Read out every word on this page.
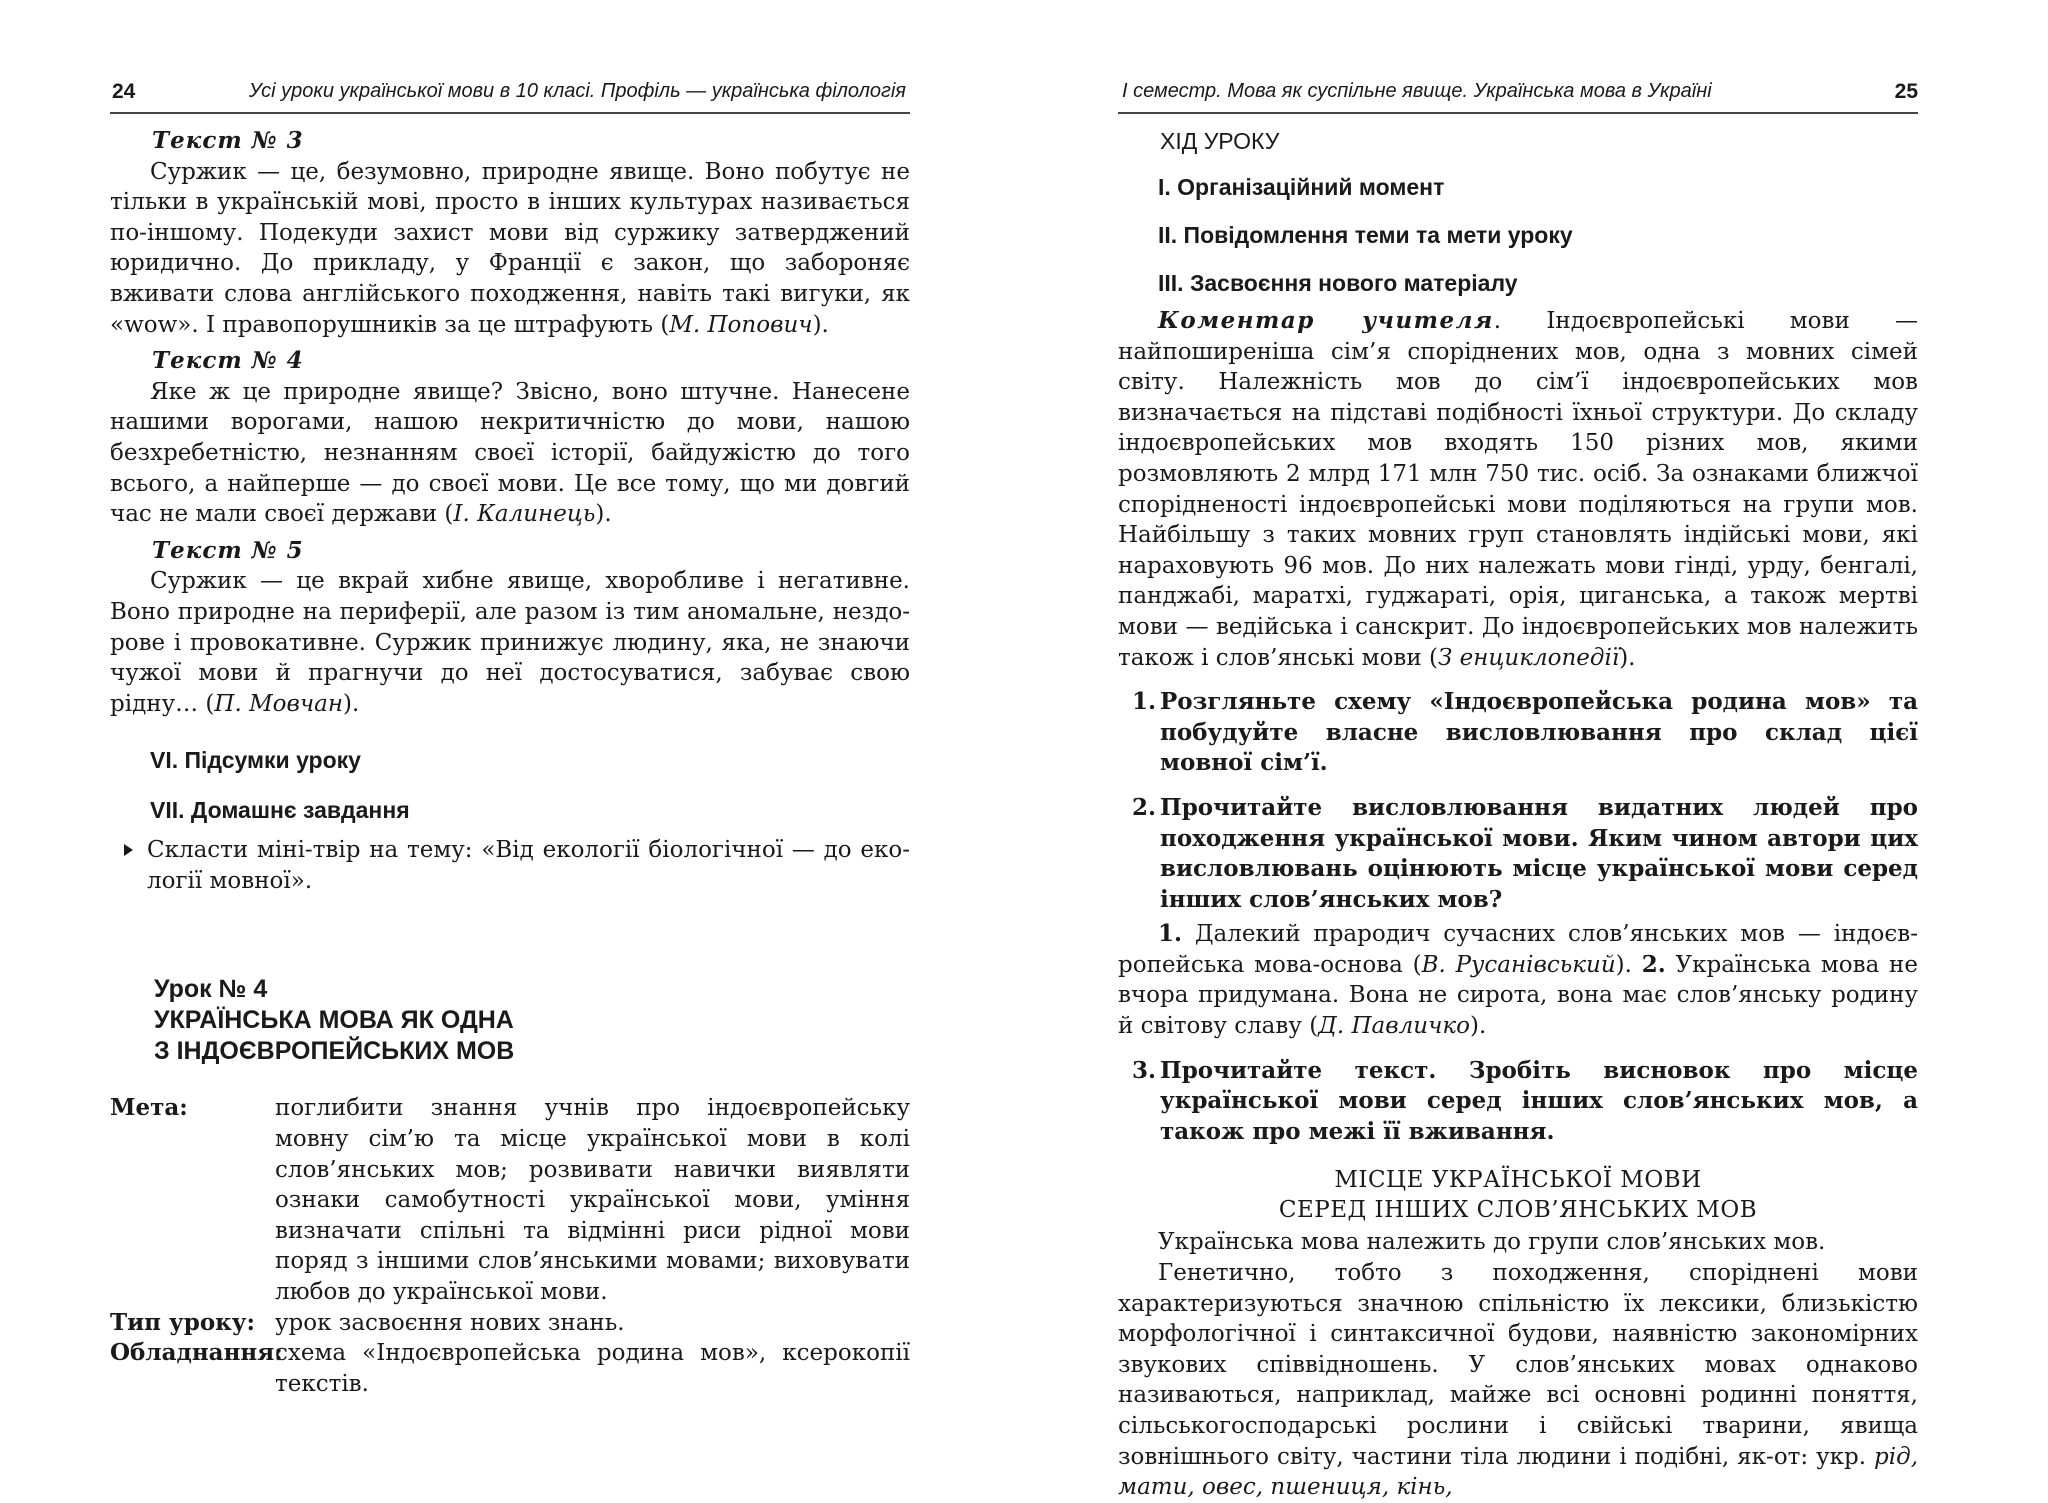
24	Усі уроки української мови в 10 класі. Профіль — українська філологія

Текст № 3

Суржик — це, безумовно, природне явище. Воно побутує не тільки в українській мові, просто в інших культурах називається по-іншому. Подекуди захист мови від суржику затверджений юридично. До прикладу, у Франції є закон, що забороняє вживати слова англійського походження, навіть такі вигуки, як «wow». І правопорушників за це штрафують (М. Попович).

Текст № 4

Яке ж це природне явище? Звісно, воно штучне. Нанесене нашими ворогами, нашою некритичністю до мови, нашою безхребетністю, незнанням своєї історії, байдужістю до того всього, а найперше — до своєї мови. Це все тому, що ми довгий час не мали своєї держави (І. Калинець).

Текст № 5

Суржик — це вкрай хибне явище, хворобливе і негативне. Воно природне на периферії, але разом із тим аномальне, нездорове і провокативне. Суржик принижує людину, яка, не знаючи чужої мови й прагнучи до неї достосуватися, забуває свою рідну… (П. Мовчан).

VI. Підсумки уроку

VII. Домашнє завдання

Скласти міні-твір на тему: «Від екології біологічної — до екології мовної».

Урок № 4

УКРАЇНСЬКА МОВА ЯК ОДНА

З ІНДОЄВРОПЕЙСЬКИХ МОВ

Мета:	поглибити знання учнів про індоєвропейську мовну сім’ю та місце української мови в колі слов’янських мов; розвивати навички виявляти ознаки самобутності української мови, уміння визначати спільні та відмінні риси рідної мови поряд з іншими слов’янськими мовами; виховувати любов до української мови.
Тип уроку: урок засвоєння нових знань.
Обладнання:
схема «Індоєвропейська родина мов», ксерокопії текстів.
І семестр. Мова як суспільне явище. Українська мова в Україні	25

ХІД УРОКУ

І. Організаційний момент

ІІ. Повідомлення теми та мети уроку

ІІІ. Засвоєння нового матеріалу

Коментар учителя. Індоєвропейські мови — найпоширеніша сім’я споріднених мов, одна з мовних сімей світу. Належність мов до сім’ї індоєвропейських мов визначається на підставі подібності їхньої структури. До складу індоєвропейських мов входять 150 різних мов, якими розмовляють 2 млрд 171 млн 750 тис. осіб. За ознаками ближчої спорідненості індоєвропейські мови поділяються на групи мов. Найбільшу з таких мовних груп становлять індійські мови, які нараховують 96 мов. До них належать мови гінді, урду, бенгалі, панджабі, маратхі, гуджараті, орія, циганська, а також мертві мови — ведійська і санскрит. До індоєвропейських мов належить також і слов’янські мови (З енциклопедії).

1. Розгляньте схему «Індоєвропейська родина мов» та побудуйте власне висловлювання про склад цієї мовної сім’ї.
2. Прочитайте висловлювання видатних людей про походження української мови. Яким чином автори цих висловлювань оцінюють місце української мови серед інших слов’янських мов?

1. Далекий прародич сучасних слов’янських мов — індоєвропейська мова-основа (В. Русанівський). 2. Українська мова не вчора придумана. Вона не сирота, вона має слов’янську родину й світову славу (Д. Павличко).

3. Прочитайте текст. Зробіть висновок про місце української мови серед інших слов’янських мов, а також про межі її вживання.

МІСЦЕ УКРАЇНСЬКОЇ МОВИ

СЕРЕД ІНШИХ СЛОВ’ЯНСЬКИХ МОВ

Українська мова належить до групи слов’янських мов.

Генетично, тобто з походження, споріднені мови характеризуються значною спільністю їх лексики, близькістю морфологічної і синтаксичної будови, наявністю закономірних звукових співвідношень. У слов’янських мовах однаково називаються, наприклад, майже всі основні родинні поняття, сільськогосподарські рослини і свійські тварини, явища зовнішнього світу, частини тіла людини і подібні, як-от: укр. рід, мати, овес, пшениця, кінь,
